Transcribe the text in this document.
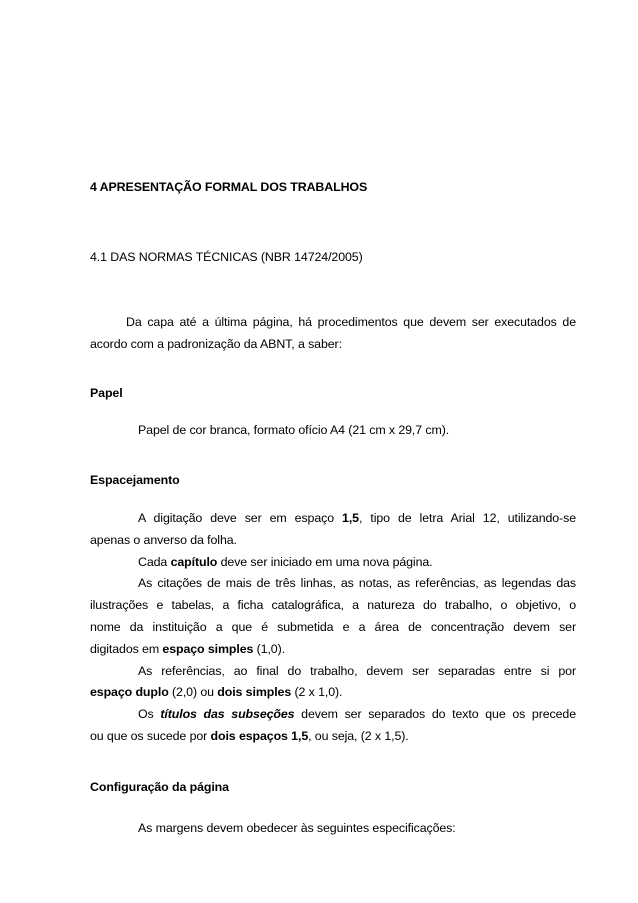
4 APRESENTAÇÃO FORMAL DOS TRABALHOS
4.1 DAS NORMAS TÉCNICAS (NBR 14724/2005)
Da capa até a última página, há procedimentos que devem ser executados de
acordo com a padronização da ABNT, a saber:
Papel
Papel de cor branca, formato ofício A4 (21 cm x 29,7 cm).
Espacejamento
A digitação deve ser em espaço 1,5, tipo de letra Arial 12, utilizando-se
apenas o anverso da folha.
Cada capítulo deve ser iniciado em uma nova página.
As citações de mais de três linhas, as notas, as referências, as legendas das
ilustrações e tabelas, a ficha catalográfica, a natureza do trabalho, o objetivo, o
nome da instituição a que é submetida e a área de concentração devem ser
digitados em espaço simples (1,0).
As referências, ao final do trabalho, devem ser separadas entre si por
espaço duplo (2,0) ou dois simples (2 x 1,0).
Os títulos das subseções devem ser separados do texto que os precede
ou que os sucede por dois espaços 1,5, ou seja, (2 x 1,5).
Configuração da página
As margens devem obedecer às seguintes especificações:
